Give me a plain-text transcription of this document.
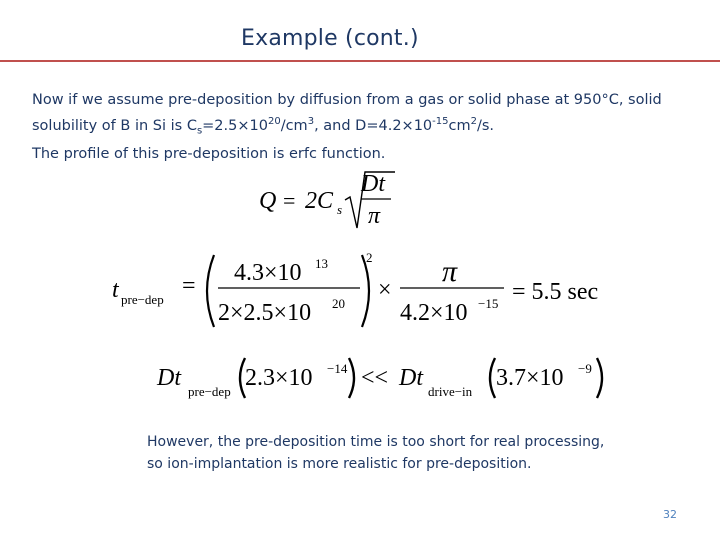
Example (cont.)
Now if we assume pre-deposition by diffusion from a gas or solid phase at 950°C, solid
solubility of B in Si is $C_s=2.5\times 10^{20}/cm^3$, and $D=4.2\times 10^{-15}cm^2/s$.
The profile of this pre-deposition is erfc function.
Q = 2C s
Dt
π
t pre−dep
= 4.3×10 13
2×2.5×10 20
2
×
π
4.2×10 −15 = 5.5 sec
Dt
pre−dep
2.3×10 −14 << Dt
drive−in
3.7×10 −9
However, the pre-deposition time is too short for real processing,
so ion-implantation is more realistic for pre-deposition.
32
